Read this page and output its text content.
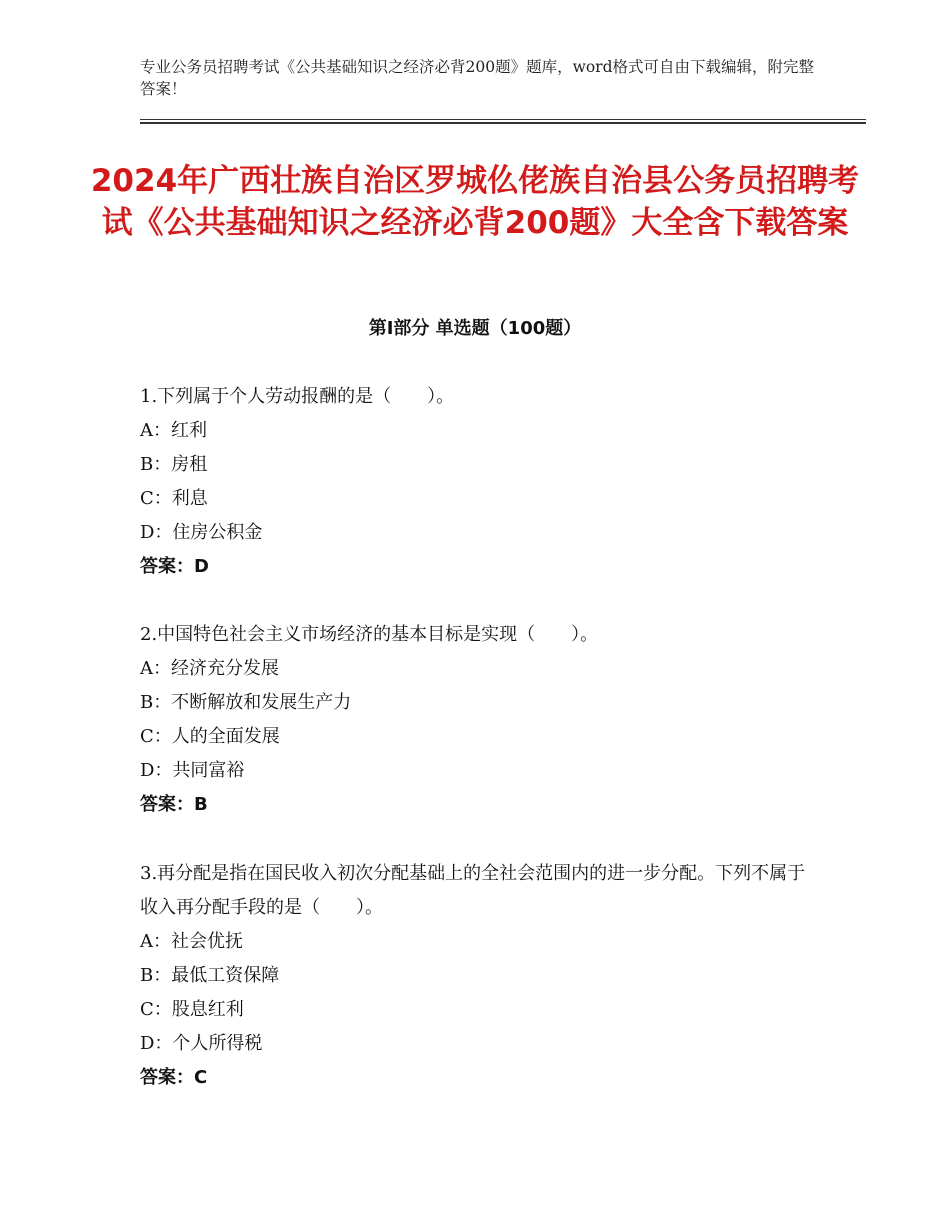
专业公务员招聘考试《公共基础知识之经济必背200题》题库，word格式可自由下载编辑，附完整答案！
2024年广西壮族自治区罗城仫佬族自治县公务员招聘考试《公共基础知识之经济必背200题》大全含下载答案
第Ⅰ部分 单选题（100题）

1.下列属于个人劳动报酬的是（　　）。

A：红利

B：房租

C：利息

D：住房公积金

答案：D

2.中国特色社会主义市场经济的基本目标是实现（　　）。

A：经济充分发展

B：不断解放和发展生产力

C：人的全面发展

D：共同富裕

答案：B

3.再分配是指在国民收入初次分配基础上的全社会范围内的进一步分配。下列不属于收入再分配手段的是（　　）。

A：社会优抚

B：最低工资保障

C：股息红利

D：个人所得税

答案：C
